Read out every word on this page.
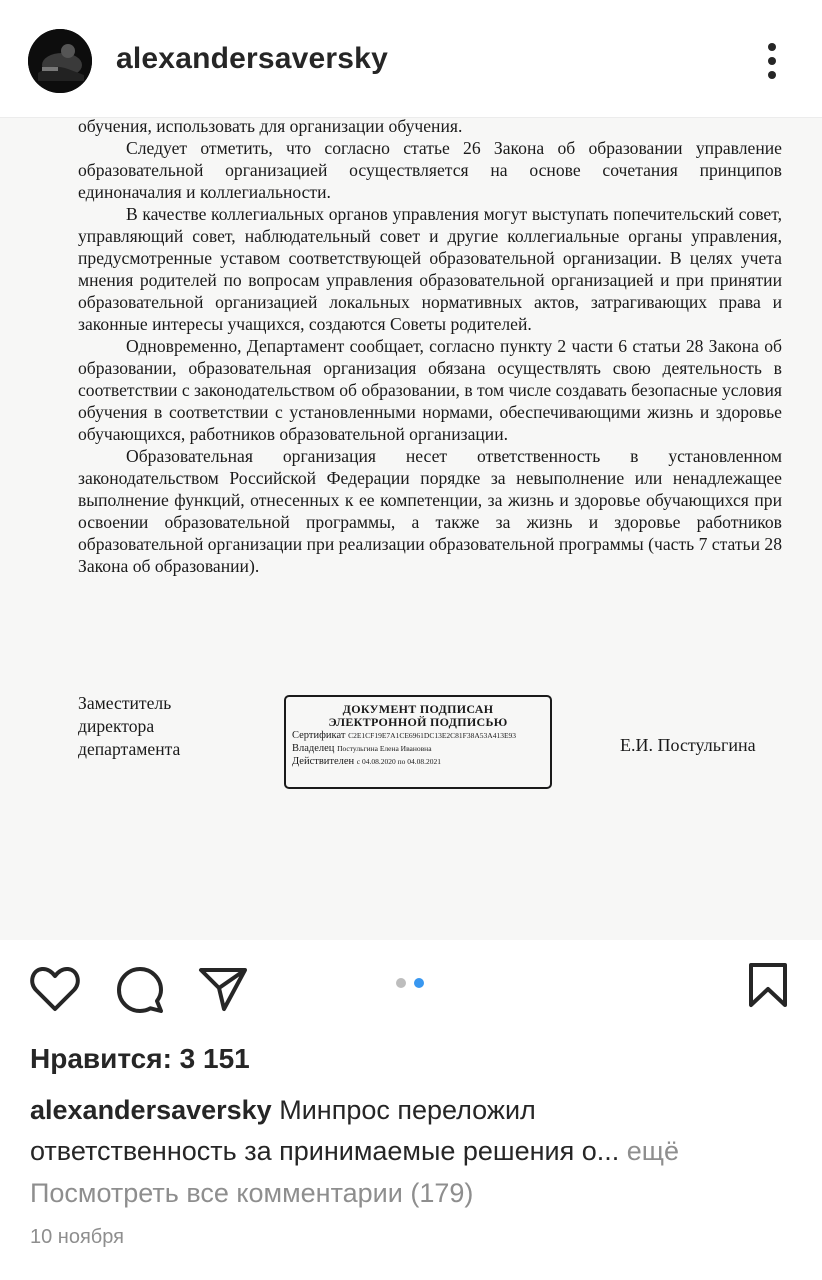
alexandersaversky

обучения, использовать для организации обучения.

Следует отметить, что согласно статье 26 Закона об образовании управление образовательной организацией осуществляется на основе сочетания принципов единоначалия и коллегиальности.

В качестве коллегиальных органов управления могут выступать попечительский совет, управляющий совет, наблюдательный совет и другие коллегиальные органы управления, предусмотренные уставом соответствующей образовательной организации. В целях учета мнения родителей по вопросам управления образовательной организацией и при принятии образовательной организацией локальных нормативных актов, затрагивающих права и законные интересы учащихся, создаются Советы родителей.

Одновременно, Департамент сообщает, согласно пункту 2 части 6 статьи 28 Закона об образовании, образовательная организация обязана осуществлять свою деятельность в соответствии с законодательством об образовании, в том числе создавать безопасные условия обучения в соответствии с установленными нормами, обеспечивающими жизнь и здоровье обучающихся, работников образовательной организации.

Образовательная организация несет ответственность в установленном законодательством Российской Федерации порядке за невыполнение или ненадлежащее выполнение функций, отнесенных к ее компетенции, за жизнь и здоровье обучающихся при освоении образовательной программы, а также за жизнь и здоровье работников образовательной организации при реализации образовательной программы (часть 7 статьи 28 Закона об образовании).

Заместитель
директора
департамента
ДОКУМЕНТ ПОДПИСАН
ЭЛЕКТРОННОЙ ПОДПИСЬЮ
Сертификат C2E1CF19E7A1CE6961DC13E2C81F38A53A413E93
Владелец Постульгина Елена Ивановна
Действителен с 04.08.2020 по 04.08.2021
Е.И. Постульгина
Нравится: 3 151
alexandersaversky Минпрос переложил
ответственность за принимаемые решения о... ещё
Посмотреть все комментарии (179)
10 ноября
